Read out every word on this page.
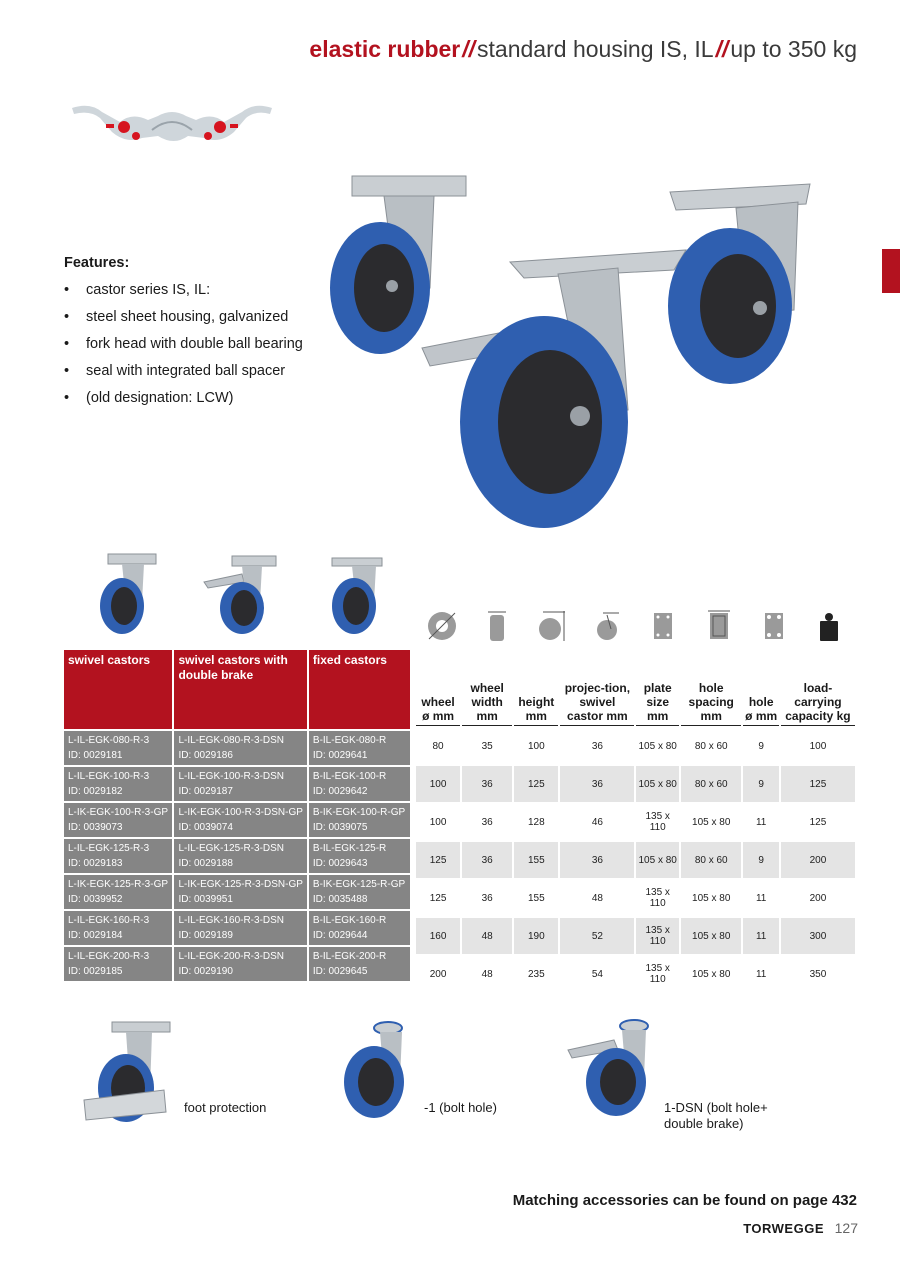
elastic rubber//standard housing IS, IL//up to 350 kg
Features:
• castor series IS, IL:
• steel sheet housing, galvanized
• fork head with double ball bearing
• seal with integrated ball spacer
• (old designation: LCW)
swivel castors	swivel castors with double brake	fixed castors
L-IL-EGK-080-R-3
ID: 0029181	L-IL-EGK-080-R-3-DSN
ID: 0029186	B-IL-EGK-080-R
ID: 0029641
L-IL-EGK-100-R-3
ID: 0029182	L-IL-EGK-100-R-3-DSN
ID: 0029187	B-IL-EGK-100-R
ID: 0029642
L-IK-EGK-100-R-3-GP
ID: 0039073	L-IK-EGK-100-R-3-DSN-GP
ID: 0039074	B-IK-EGK-100-R-GP
ID: 0039075
L-IL-EGK-125-R-3
ID: 0029183	L-IL-EGK-125-R-3-DSN
ID: 0029188	B-IL-EGK-125-R
ID: 0029643
L-IK-EGK-125-R-3-GP
ID: 0039952	L-IK-EGK-125-R-3-DSN-GP
ID: 0039951	B-IK-EGK-125-R-GP
ID: 0035488
L-IL-EGK-160-R-3
ID: 0029184	L-IL-EGK-160-R-3-DSN
ID: 0029189	B-IL-EGK-160-R
ID: 0029644
L-IL-EGK-200-R-3
ID: 0029185	L-IL-EGK-200-R-3-DSN
ID: 0029190	B-IL-EGK-200-R
ID: 0029645
wheel ø mm	wheel width mm	height mm	projec-tion, swivel castor mm	plate size mm	hole spacing mm	hole ø mm	load-carrying capacity kg
80	35	100	36	105 x 80	80 x 60	9	100
100	36	125	36	105 x 80	80 x 60	9	125
100	36	128	46	135 x 110	105 x 80	11	125
125	36	155	36	105 x 80	80 x 60	9	200
125	36	155	48	135 x 110	105 x 80	11	200
160	48	190	52	135 x 110	105 x 80	11	300
200	48	235	54	135 x 110	105 x 80	11	350
foot protection	-1 (bolt hole)	1-DSN (bolt hole+ double brake)
Matching accessories can be found on page 432
TORWEGGE 127
